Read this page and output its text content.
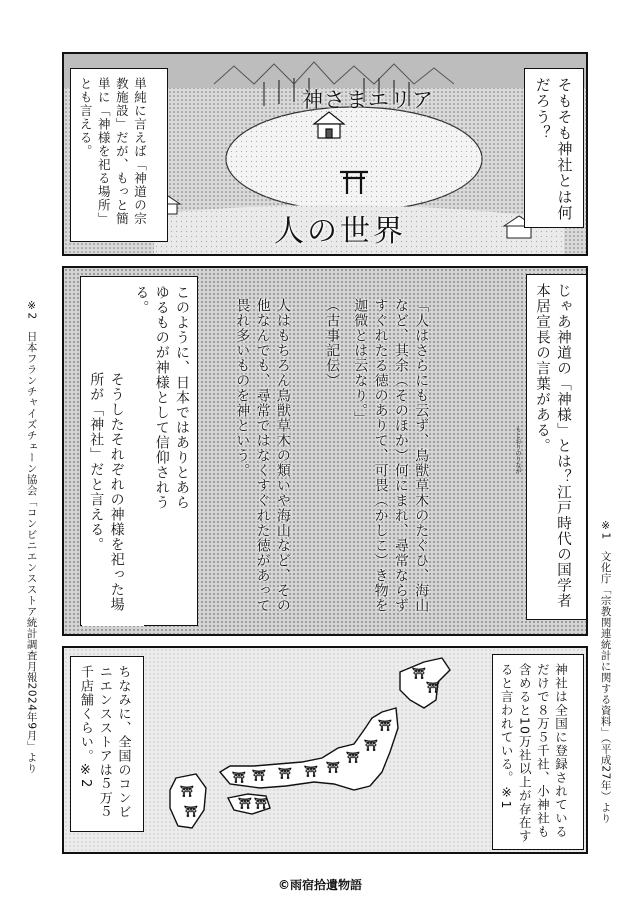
神さまエリア
人の世界
そもそも神社とは何だろう？
単純に言えば「神道の宗教施設」だが、もっと簡単に「神様を祀る場所」とも言える。
じゃあ神道の「神様」とは？江戸時代の国学者本居宣長の言葉がある。
もとおりのりなが
「人はさらにも云ず、鳥獣草木のたぐひ、海山など、其余（そのほか）何にまれ、尋常ならずすぐれたる徳のありて、可畏（かしこ）き物を迦微とは云なり。」
（古事記伝）
人はもちろん鳥獣草木の類いや海山など、その他なんでも、尋常ではなくすぐれた徳があって畏れ多いものを神という。
このように、日本ではありとあらゆるものが神様として信仰されうる。
そうしたそれぞれの神様を祀った場所が「神社」だと言える。
⛩
⛩
⛩
⛩
⛩
⛩
⛩
⛩
⛩
⛩
⛩ ⛩
⛩
⛩	神社は全国に登録されているだけで８万５千社、小神社も含めると10万社以上が存在すると言われている。※1
ちなみに、全国のコンビニエンスストアは５万５千店舗くらい。※2	※1　文化庁「宗教関連統計に関する資料」（平成27年）より
※2　日本フランチャイズチェーン協会「コンビニエンスストア統計調査月報2024年9月」より
©雨宿拾遺物語
